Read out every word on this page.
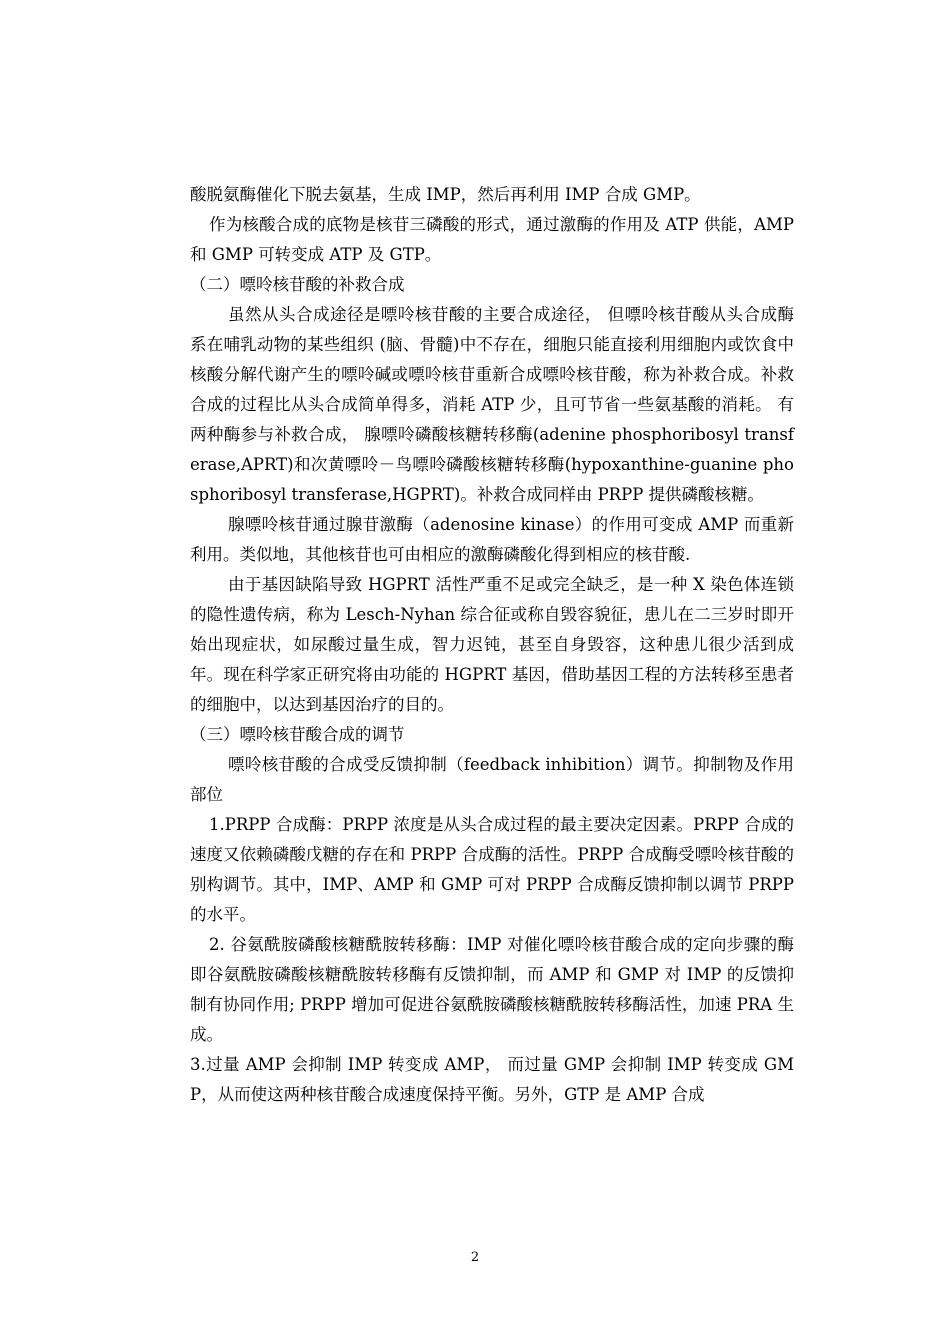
酸脱氨酶催化下脱去氨基，生成 IMP，然后再利用 IMP 合成 GMP。

作为核酸合成的底物是核苷三磷酸的形式，通过激酶的作用及 ATP 供能，AMP 和 GMP 可转变成 ATP 及 GTP。

（二）嘌呤核苷酸的补救合成

虽然从头合成途径是嘌呤核苷酸的主要合成途径， 但嘌呤核苷酸从头合成酶系在哺乳动物的某些组织 (脑、骨髓)中不存在，细胞只能直接利用细胞内或饮食中核酸分解代谢产生的嘌呤碱或嘌呤核苷重新合成嘌呤核苷酸，称为补救合成。补救合成的过程比从头合成简单得多，消耗 ATP 少，且可节省一些氨基酸的消耗。 有两种酶参与补救合成， 腺嘌呤磷酸核糖转移酶(adenine phosphoribosyl transferase,APRT)和次黄嘌呤－鸟嘌呤磷酸核糖转移酶(hypoxanthine-guanine phosphoribosyl transferase,HGPRT)。补救合成同样由 PRPP 提供磷酸核糖。

腺嘌呤核苷通过腺苷激酶（adenosine kinase）的作用可变成 AMP 而重新利用。类似地，其他核苷也可由相应的激酶磷酸化得到相应的核苷酸.

由于基因缺陷导致 HGPRT 活性严重不足或完全缺乏，是一种 X 染色体连锁的隐性遗传病，称为 Lesch-Nyhan 综合征或称自毁容貌征，患儿在二三岁时即开始出现症状，如尿酸过量生成，智力迟钝，甚至自身毁容，这种患儿很少活到成年。现在科学家正研究将由功能的 HGPRT 基因，借助基因工程的方法转移至患者的细胞中，以达到基因治疗的目的。

（三）嘌呤核苷酸合成的调节

嘌呤核苷酸的合成受反馈抑制（feedback inhibition）调节。抑制物及作用部位

1.PRPP 合成酶：PRPP 浓度是从头合成过程的最主要决定因素。PRPP 合成的速度又依赖磷酸戊糖的存在和 PRPP 合成酶的活性。PRPP 合成酶受嘌呤核苷酸的别构调节。其中，IMP、AMP 和 GMP 可对 PRPP 合成酶反馈抑制以调节 PRPP 的水平。

2. 谷氨酰胺磷酸核糖酰胺转移酶：IMP 对催化嘌呤核苷酸合成的定向步骤的酶即谷氨酰胺磷酸核糖酰胺转移酶有反馈抑制，而 AMP 和 GMP 对 IMP 的反馈抑制有协同作用; PRPP 增加可促进谷氨酰胺磷酸核糖酰胺转移酶活性，加速 PRA 生成。

3.过量 AMP 会抑制 IMP 转变成 AMP， 而过量 GMP 会抑制 IMP 转变成 GMP，从而使这两种核苷酸合成速度保持平衡。另外，GTP 是 AMP 合成

2
